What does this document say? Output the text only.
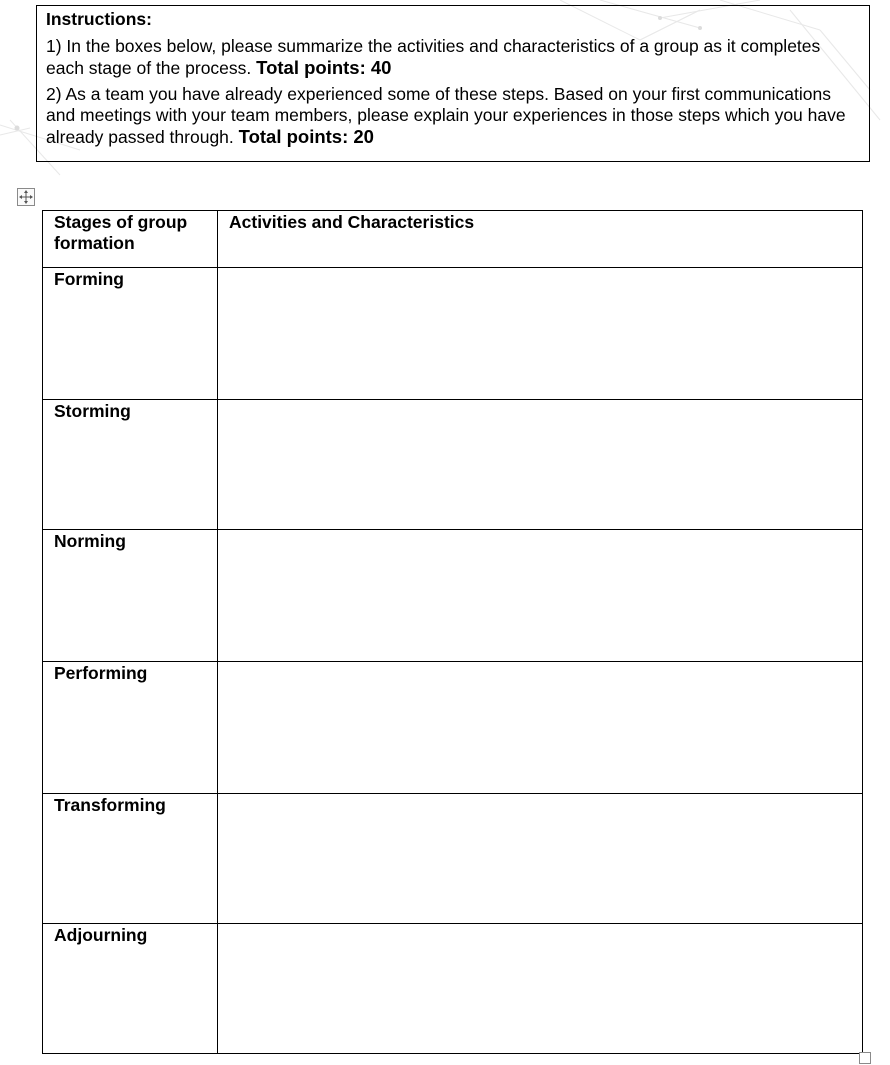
Instructions:

1) In the boxes below, please summarize the activities and characteristics of a group as it completes each stage of the process. Total points: 40

2) As a team you have already experienced some of these steps. Based on your first communications and meetings with your team members, please explain your experiences in those steps which you have already passed through. Total points: 20

Stages of group formation	Activities and Characteristics
Forming	
Storming	
Norming	
Performing	
Transforming	
Adjourning	
